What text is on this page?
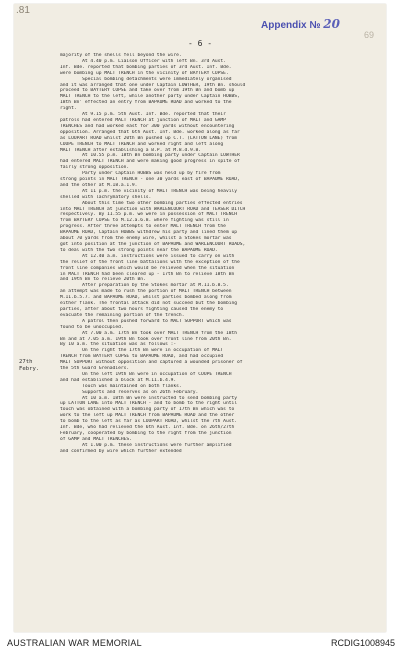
.81
69
Appendix № 20
- 6 -
27th
Febry.
majority of the shells fell beyond the wire.
At 4.40 p.m. Liaison Officer with left Bn. 3rd Aust.
Inf. Bde. reported that bombing parties of 3rd Aust. Inf. Bde.
were bombing up MALT TRENCH in the vicinity of BAYTERY COPSE.
Special bombing detachments were immediately organised
and it was arranged that one under Captain LOWTHER, 19th Bn. should
proceed to BAYTERY COPSE and take over from 19th Bn and bomb up
MALT TRENCH to the left, while another party under Captain HOBBS,
18th Bn' effected an entry from BAPAUME ROAD and worked to the
right.
At 9.15 p.m. 5th Aust. Inf. Bde. reported that their
patrols had entered MALT TRENCH at junction of MALT and GAMP
TRENCHES and had worked east for 300 yards without encountering
opposition. Arranged that 6th Aust. Inf. Bde. worked along as far
as LOUPART ROAD whilst 20th Bn pushed up C.T. (LATTON LANE) from
COUPE TRENCH to MALT TRENCH and worked right and left along
MALT TRENCH after establishing a B.P. at M.8.d.9.8.
At 10.55 p.m. 18th Bn bombing party under Captain LOWTHER
had entered MALT TRENCH and were making good progress in spite of
fairly strong opposition.
Party under Captain HOBBS was held up by fire from
strong points in MALT TRENCH - one 30 yards east of BAPAUME ROAD,
and the other at M.18.a.1.9.
At 11 p.m. the vicinity of MALT TRENCH was being heavily
shelled with lachrymatory shells.
About this time two other bombing parties effected entries
into MALT TRENCH at junction with WARLENCOURT ROAD and TEASER DITCH
respectively. By 11.55 p.m. we were in possession of MALT TRENCH
from BAYTERY COPSE to M.12.a.6.8. where fighting was still in
progress. After three attempts to enter MALT TRENCH from the
BAPAUME ROAD, Captain HOBBS withdrew his party and lined them up
about 70 yards from the enemy wire, whilst a Stokes mortar was
got into position at the junction of BAPAUME and WARLENCOURT ROADS,
to deal with the two strong points near the BAPAUME ROAD.
At 12.40 a.m. instructions were issued to carry on with
the relief of the front line battalions with the exception of the
front line companies which would be relieved when the situation
in MALT TRENCH had been cleared up - 17th Bn to relieve 18th Bn
and 19th Bn to relieve 20th Bn.
After preparation by the Stokes mortar at M.11.b.8.5.
an attempt was made to rush the portion of MALT TRENCH between
M.11.b.5.7. and BAPAUME ROAD, whilst parties bombed along from
either flank. The frontal attack did not succeed but the bombing
parties, after about two hours fighting caused the enemy to
evacuate the remaining portion of the trench.
A patrol then pushed forward to MALT SUPPORT which was
found to be unoccupied.
At 7.00 a.m. 17th Bn took over MALT TRENCH from the 18th
Bn and at 7.05 a.m. 19th Bn took over front line from 20th Bn.
By 10 a.m. the situation was as follows :-
On the right the 17th Bn were in occupation of MALT
TRENCH from BAYTERY COPSE to BAPAUME ROAD, and had occupied
MALT SUPPORT without opposition and captured a wounded prisoner of
the 5th Guard Grenadiers.
On the left 19th Bn were in occupation of COUPE TRENCH
and had established a block at M.11.b.4.9.
Touch was maintained on both flanks.
Supports and reserves as on 26th February.
At 10 a.m. 18th Bn were instructed to send bombing party
up LATTON LANE into MALT TRENCH - and to bomb to the right until
touch was obtained with a bombing party of 17th Bn which was to
work to the left up MALT TRENCH from BAPAUME ROAD and the other
to bomb to the left as far as LOUPART ROAD, whilst the 7th Aust.
Inf. Bde, who had relieved the 6th Aust. Inf. Bde. on 26th/27th
February, cooperated by bombing to the right from the junction
of GAMP and MALT TRENCHES.
At 1.00 p.m. these instructions were further amplified
and confirmed by wire which further extended
AUSTRALIAN WAR MEMORIAL	RCDIG1008945
